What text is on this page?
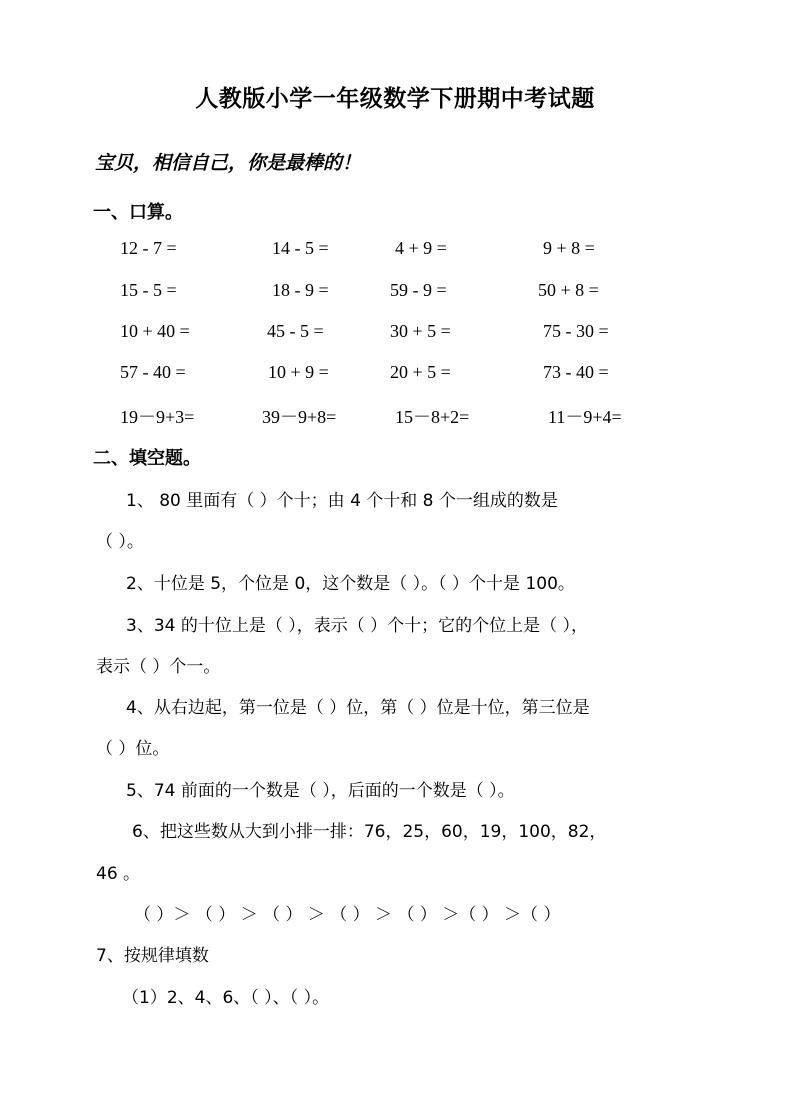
人教版小学一年级数学下册期中考试题
宝贝，相信自己，你是最棒的！
一、口算。
12 - 7 =	14 - 5 =	4 + 9 =	9 + 8 =
15 - 5 =	18 - 9 =	59 - 9 =	50 + 8 =
10 + 40 =	45 - 5 =	30 + 5 =	75 - 30 =
57 - 40 =	10 + 9 =	20 + 5 =	73 - 40 =
19－9+3=	39－9+8=	15－8+2=	11－9+4=
二、填空题。
1、 80 里面有（ ）个十；由 4 个十和 8 个一组成的数是
（ ）。
2、十位是 5，个位是 0，这个数是（ ）。（ ）个十是 100。
3、34 的十位上是（ ），表示（ ）个十；它的个位上是（ ），
表示（ ）个一。
4、从右边起，第一位是（ ）位，第（ ）位是十位，第三位是
（ ）位。
5、74 前面的一个数是（ ），后面的一个数是（ ）。
6、把这些数从大到小排一排：76，25，60，19，100，82，
46 。
（ ）＞ （ ） ＞ （ ） ＞ （ ） ＞ （ ） ＞（ ） ＞（ ）
7、按规律填数
（1）2、4、6、（ ）、（ ）。
